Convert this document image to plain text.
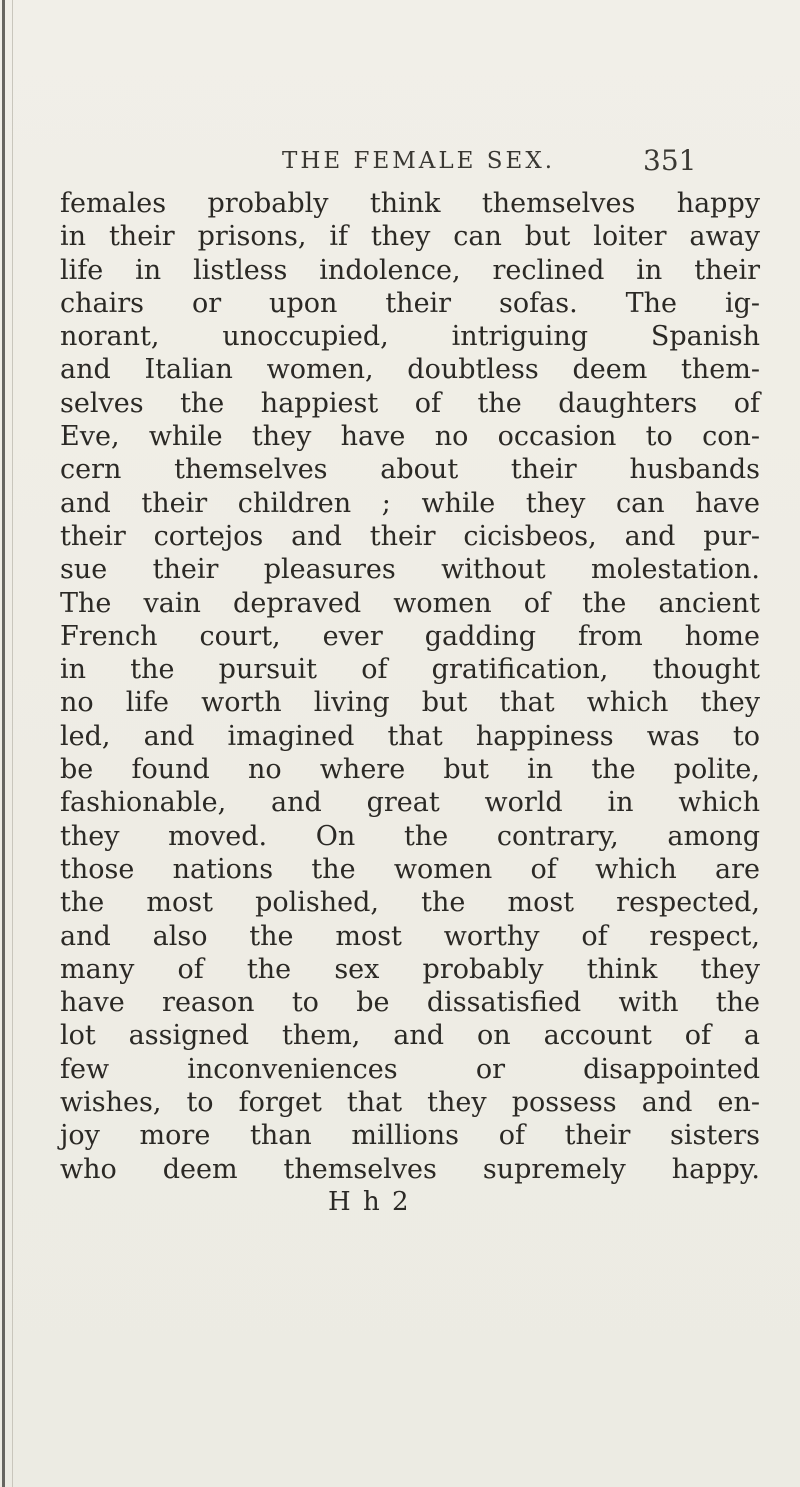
THE FEMALE SEX.	351
females probably think themselves happy
in their prisons, if they can but loiter away
life in listless indolence, reclined in their
chairs or upon their sofas. The ig-
norant, unoccupied, intriguing Spanish
and Italian women, doubtless deem them-
selves the happiest of the daughters of
Eve, while they have no occasion to con-
cern themselves about their husbands
and their children ; while they can have
their cortejos and their cicisbeos, and pur-
sue their pleasures without molestation.
The vain depraved women of the ancient
French court, ever gadding from home
in the pursuit of gratification, thought
no life worth living but that which they
led, and imagined that happiness was to
be found no where but in the polite,
fashionable, and great world in which
they moved. On the contrary, among
those nations the women of which are
the most polished, the most respected,
and also the most worthy of respect,
many of the sex probably think they
have reason to be dissatisfied with the
lot assigned them, and on account of a
few inconveniences or disappointed
wishes, to forget that they possess and en-
joy more than millions of their sisters
who deem themselves supremely happy.
H h 2
